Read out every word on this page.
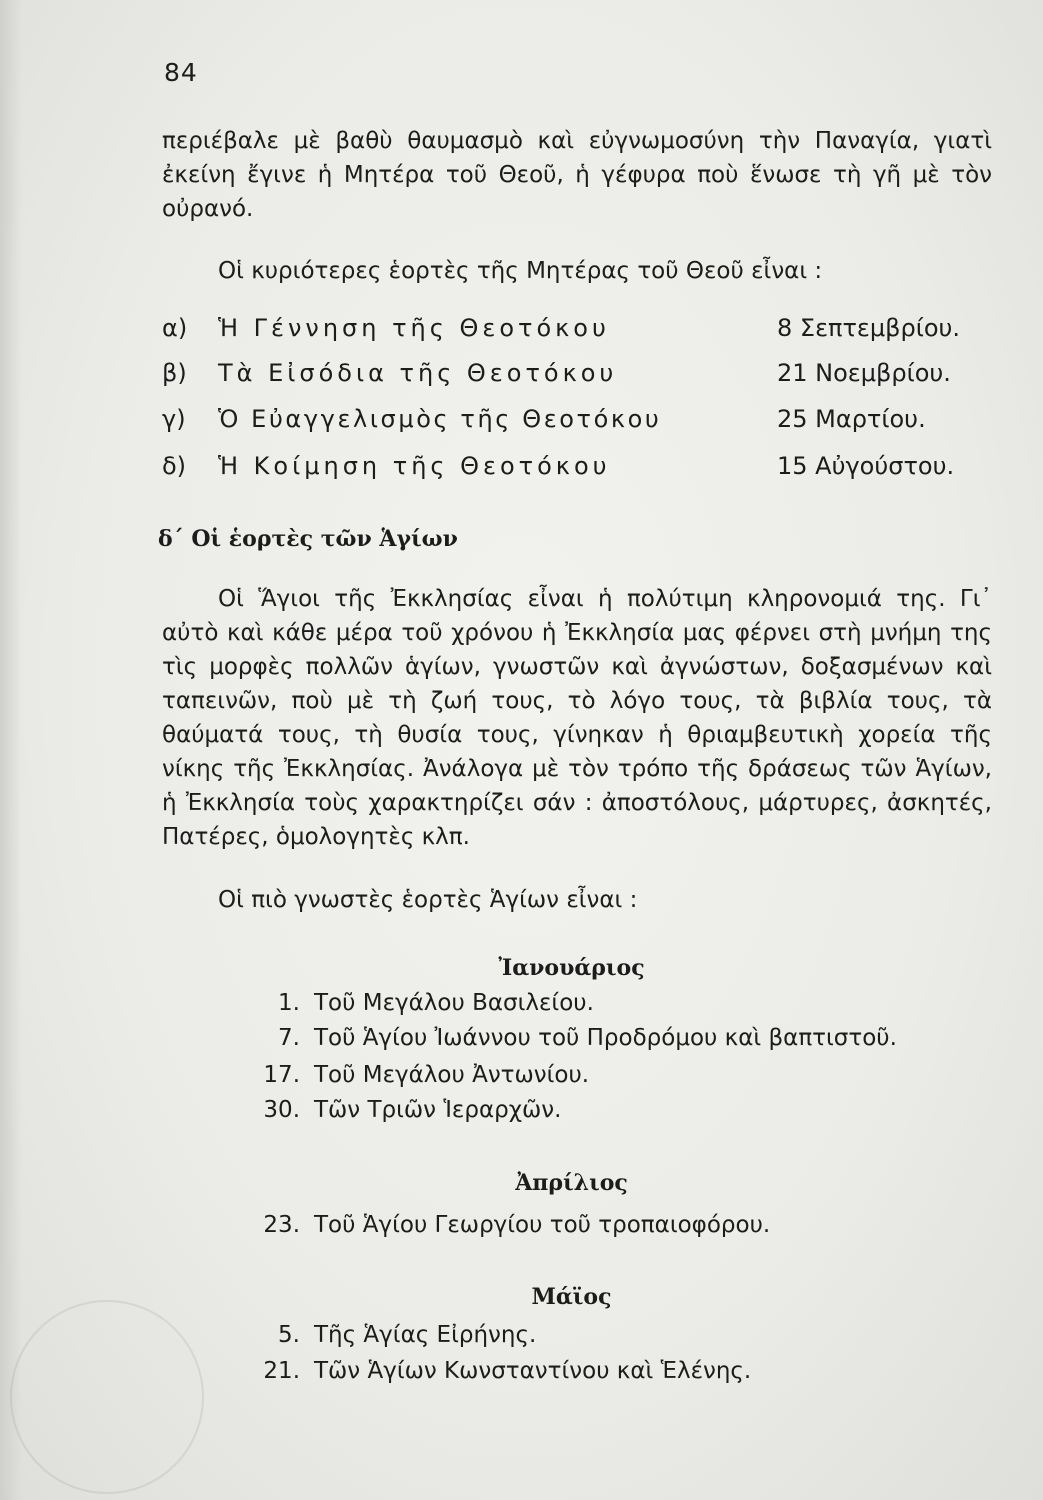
84

περιέβαλε μὲ βαθὺ θαυμασμὸ καὶ εὐγνωμοσύνη τὴν Παναγία, γιατὶ ἐκείνη ἔγινε ἡ Μητέρα τοῦ Θεοῦ, ἡ γέφυρα ποὺ ἕνωσε τὴ γῆ μὲ τὸν οὐρανό.

Οἱ κυριότερες ἑορτὲς τῆς Μητέρας τοῦ Θεοῦ εἶναι :

α) Ἡ Γέννηση τῆς Θεοτόκου	8 Σεπτεμβρίου.
β) Τὰ Εἰσόδια τῆς Θεοτόκου	21 Νοεμβρίου.
γ) Ὁ Εὐαγγελισμὸς τῆς Θεοτόκου	25 Μαρτίου.
δ) Ἡ Κοίμηση τῆς Θεοτόκου	15 Αὐγούστου.
δ΄ Οἱ ἑορτὲς τῶν Ἁγίων

Οἱ Ἅγιοι τῆς Ἐκκλησίας εἶναι ἡ πολύτιμη κληρονομιά της. Γι᾽ αὐτὸ καὶ κάθε μέρα τοῦ χρόνου ἡ Ἐκκλησία μας φέρνει στὴ μνήμη της τὶς μορφὲς πολλῶν ἁγίων, γνωστῶν καὶ ἀγνώστων, δοξασμένων καὶ ταπεινῶν, ποὺ μὲ τὴ ζωή τους, τὸ λόγο τους, τὰ βιβλία τους, τὰ θαύματά τους, τὴ θυσία τους, γίνηκαν ἡ θριαμβευτικὴ χορεία τῆς νίκης τῆς Ἐκκλησίας. Ἀνάλογα μὲ τὸν τρόπο τῆς δράσεως τῶν Ἁγίων, ἡ Ἐκκλησία τοὺς χαρακτηρίζει σάν : ἀποστόλους, μάρτυρες, ἀσκητές, Πατέρες, ὁμολογητὲς κλπ.

Οἱ πιὸ γνωστὲς ἑορτὲς Ἁγίων εἶναι :

Ἰανουάριος
1. Τοῦ Μεγάλου Βασιλείου.
7. Τοῦ Ἁγίου Ἰωάννου τοῦ Προδρόμου καὶ βαπτιστοῦ.
17. Τοῦ Μεγάλου Ἀντωνίου.
30. Τῶν Τριῶν Ἱεραρχῶν.
Ἀπρίλιος
23. Τοῦ Ἁγίου Γεωργίου τοῦ τροπαιοφόρου.
Μάϊος
5. Τῆς Ἁγίας Εἰρήνης.
21. Τῶν Ἁγίων Κωνσταντίνου καὶ Ἑλένης.
